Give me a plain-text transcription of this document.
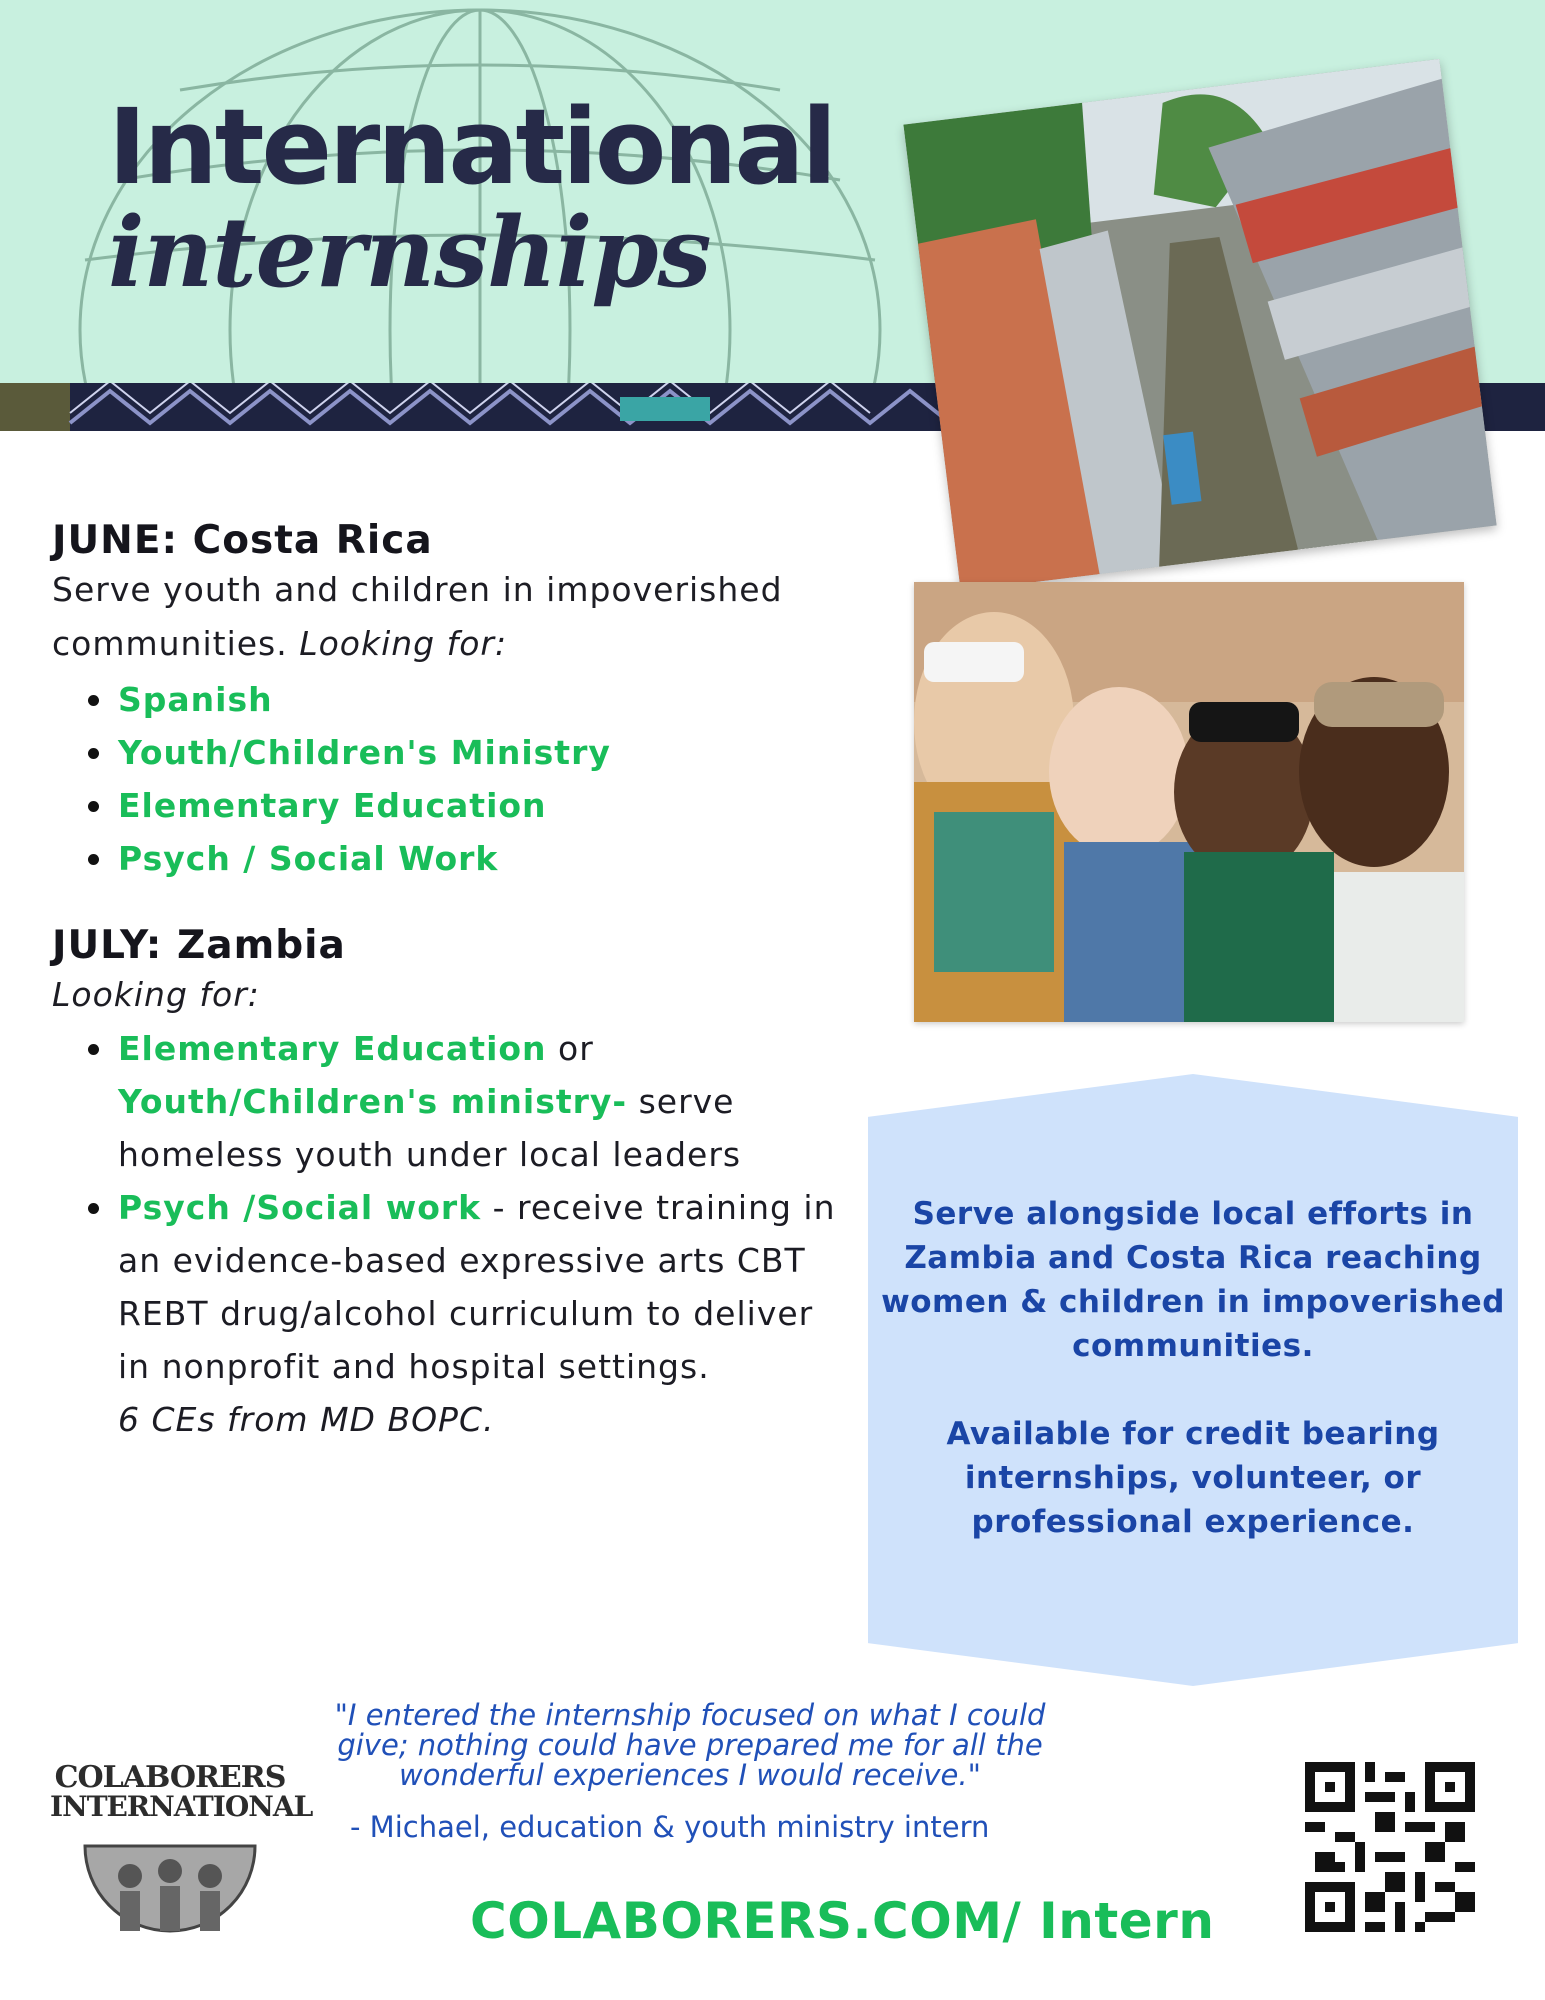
International
internships
JUNE: Costa Rica
Serve youth and children in impoverished communities. Looking for:
Spanish
Youth/Children's Ministry
Elementary Education
Psych / Social Work
JULY: Zambia
Looking for:
Elementary Education or Youth/Children's ministry- serve homeless youth under local leaders
Psych /Social work - receive training in an evidence-based expressive arts CBT REBT drug/alcohol curriculum to deliver in nonprofit and hospital settings.
6 CEs from MD BOPC.
Serve alongside local efforts in Zambia and Costa Rica reaching women & children in impoverished communities.
Available for credit bearing internships, volunteer, or professional experience.
"I entered the internship focused on what I could give; nothing could have prepared me for all the wonderful experiences I would receive."
- Michael, education & youth ministry intern
COLABORERS
INTERNATIONAL
COLABORERS.COM/ Intern
